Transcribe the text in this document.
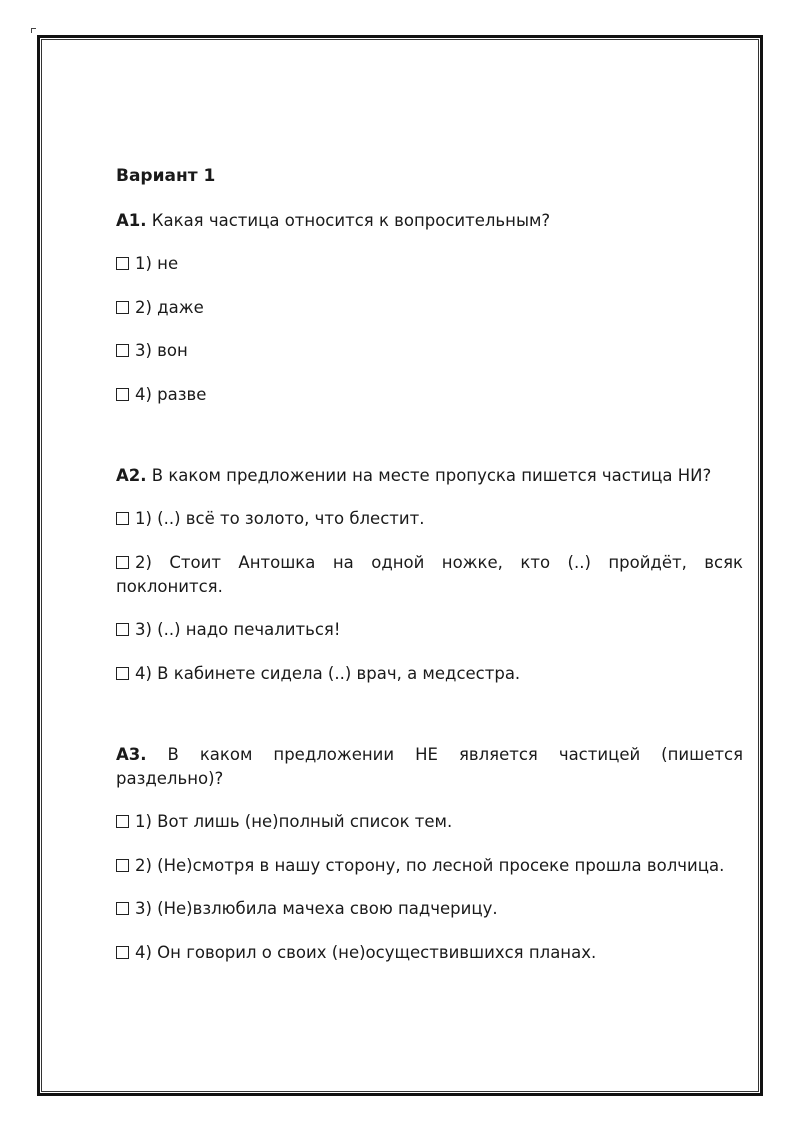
Вариант 1

А1. Какая частица относится к вопросительным?

1) не

2) даже

3) вон

4) разве

А2. В каком предложении на месте пропуска пишется частица НИ?

1) (..) всё то золото, что блестит.

2) Стоит Антошка на одной ножке, кто (..) пройдёт, всяк поклонится.

3) (..) надо печалиться!

4) В кабинете сидела (..) врач, а медсестра.

А3. В каком предложении НЕ является частицей (пишется раздельно)?

1) Вот лишь (не)полный список тем.

2) (Не)смотря в нашу сторону, по лесной просеке прошла волчица.

3) (Не)взлюбила мачеха свою падчерицу.

4) Он говорил о своих (не)осуществившихся планах.
